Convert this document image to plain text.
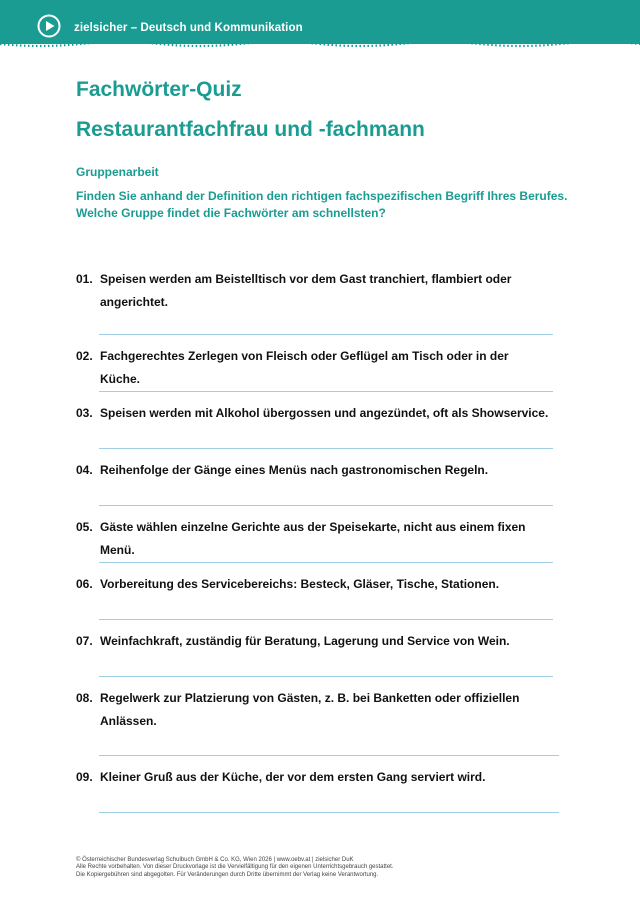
zielsicher – Deutsch und Kommunikation
Fachwörter-Quiz
Restaurantfachfrau und -fachmann
Gruppenarbeit
Finden Sie anhand der Definition den richtigen fachspezifischen Begriff Ihres Berufes.
Welche Gruppe findet die Fachwörter am schnellsten?
01. Speisen werden am Beistelltisch vor dem Gast tranchiert, flambiert oder angerichtet.
02. Fachgerechtes Zerlegen von Fleisch oder Geflügel am Tisch oder in der Küche.
03. Speisen werden mit Alkohol übergossen und angezündet, oft als Showservice.
04. Reihenfolge der Gänge eines Menüs nach gastronomischen Regeln.
05. Gäste wählen einzelne Gerichte aus der Speisekarte, nicht aus einem fixen Menü.
06. Vorbereitung des Servicebereichs: Besteck, Gläser, Tische, Stationen.
07. Weinfachkraft, zuständig für Beratung, Lagerung und Service von Wein.
08. Regelwerk zur Platzierung von Gästen, z. B. bei Banketten oder offiziellen Anlässen.
09. Kleiner Gruß aus der Küche, der vor dem ersten Gang serviert wird.
© Österreichischer Bundesverlag Schulbuch GmbH & Co. KG, Wien 2026 | www.oebv.at | zielsicher DuK
Alle Rechte vorbehalten. Von dieser Druckvorlage ist die Vervielfältigung für den eigenen Unterrichtsgebrauch gestattet.
Die Kopiergebühren sind abgegolten. Für Veränderungen durch Dritte übernimmt der Verlag keine Verantwortung.
